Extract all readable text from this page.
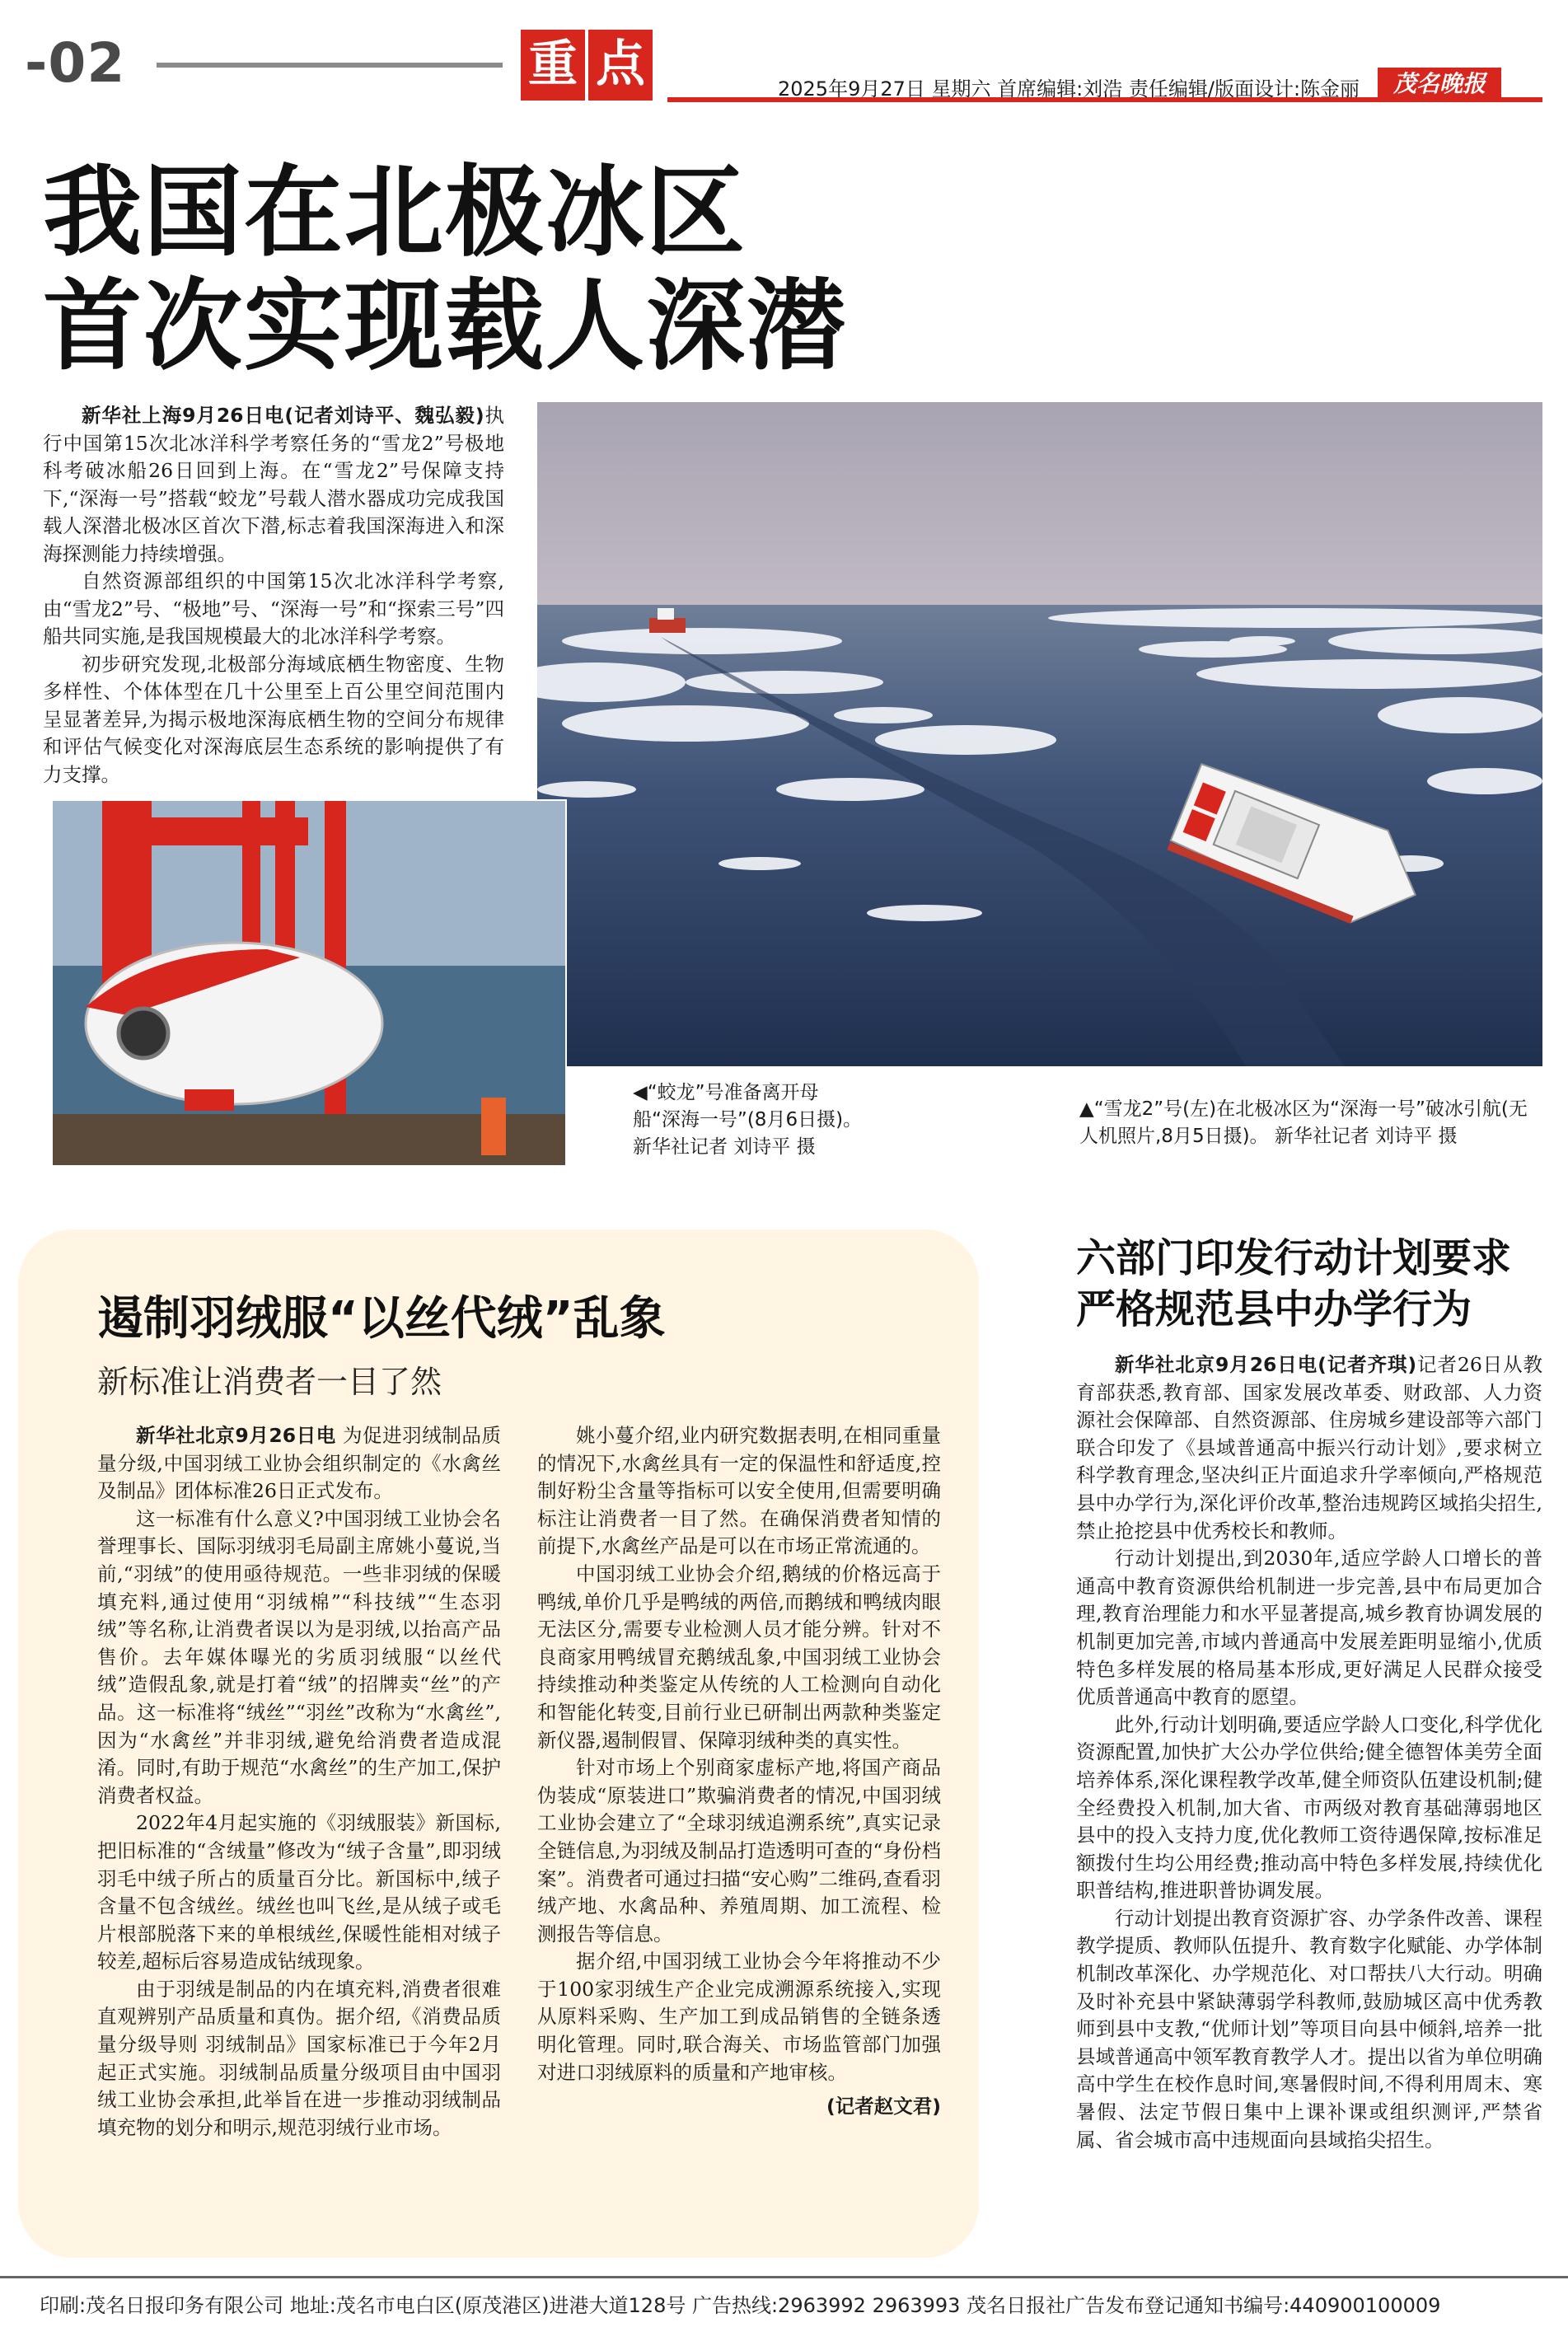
-02	重 点	2025年9月27日 星期六 首席编辑:刘浩 责任编辑/版面设计:陈金丽	茂名晚报
我国在北极冰区
首次实现载人深潜

新华社上海9月26日电(记者刘诗平、魏弘毅)执行中国第15次北冰洋科学考察任务的“雪龙2”号极地科考破冰船26日回到上海。在“雪龙2”号保障支持下,“深海一号”搭载“蛟龙”号载人潜水器成功完成我国载人深潜北极冰区首次下潜,标志着我国深海进入和深海探测能力持续增强。

自然资源部组织的中国第15次北冰洋科学考察,由“雪龙2”号、“极地”号、“深海一号”和“探索三号”四船共同实施,是我国规模最大的北冰洋科学考察。

初步研究发现,北极部分海域底栖生物密度、生物多样性、个体体型在几十公里至上百公里空间范围内呈显著差异,为揭示极地深海底栖生物的空间分布规律和评估气候变化对深海底层生态系统的影响提供了有力支撑。

◀“蛟龙”号准备离开母
船“深海一号”(8月6日摄)。
新华社记者 刘诗平 摄
▲“雪龙2”号(左)在北极冰区为“深海一号”破冰引航(无人机照片,8月5日摄)。 新华社记者 刘诗平 摄
遏制羽绒服“以丝代绒”乱象
新标准让消费者一目了然

新华社北京9月26日电 为促进羽绒制品质量分级,中国羽绒工业协会组织制定的《水禽丝及制品》团体标准26日正式发布。

这一标准有什么意义?中国羽绒工业协会名誉理事长、国际羽绒羽毛局副主席姚小蔓说,当前,“羽绒”的使用亟待规范。一些非羽绒的保暖填充料,通过使用“羽绒棉”“科技绒”“生态羽绒”等名称,让消费者误以为是羽绒,以抬高产品售价。去年媒体曝光的劣质羽绒服“以丝代绒”造假乱象,就是打着“绒”的招牌卖“丝”的产品。这一标准将“绒丝”“羽丝”改称为“水禽丝”,因为“水禽丝”并非羽绒,避免给消费者造成混淆。同时,有助于规范“水禽丝”的生产加工,保护消费者权益。

2022年4月起实施的《羽绒服装》新国标,把旧标准的“含绒量”修改为“绒子含量”,即羽绒羽毛中绒子所占的质量百分比。新国标中,绒子含量不包含绒丝。绒丝也叫飞丝,是从绒子或毛片根部脱落下来的单根绒丝,保暖性能相对绒子较差,超标后容易造成钻绒现象。

由于羽绒是制品的内在填充料,消费者很难直观辨别产品质量和真伪。据介绍,《消费品质量分级导则 羽绒制品》国家标准已于今年2月起正式实施。羽绒制品质量分级项目由中国羽绒工业协会承担,此举旨在进一步推动羽绒制品填充物的划分和明示,规范羽绒行业市场。

姚小蔓介绍,业内研究数据表明,在相同重量的情况下,水禽丝具有一定的保温性和舒适度,控制好粉尘含量等指标可以安全使用,但需要明确标注让消费者一目了然。在确保消费者知情的前提下,水禽丝产品是可以在市场正常流通的。

中国羽绒工业协会介绍,鹅绒的价格远高于鸭绒,单价几乎是鸭绒的两倍,而鹅绒和鸭绒肉眼无法区分,需要专业检测人员才能分辨。针对不良商家用鸭绒冒充鹅绒乱象,中国羽绒工业协会持续推动种类鉴定从传统的人工检测向自动化和智能化转变,目前行业已研制出两款种类鉴定新仪器,遏制假冒、保障羽绒种类的真实性。

针对市场上个别商家虚标产地,将国产商品伪装成“原装进口”欺骗消费者的情况,中国羽绒工业协会建立了“全球羽绒追溯系统”,真实记录全链信息,为羽绒及制品打造透明可查的“身份档案”。消费者可通过扫描“安心购”二维码,查看羽绒产地、水禽品种、养殖周期、加工流程、检测报告等信息。

据介绍,中国羽绒工业协会今年将推动不少于100家羽绒生产企业完成溯源系统接入,实现从原料采购、生产加工到成品销售的全链条透明化管理。同时,联合海关、市场监管部门加强对进口羽绒原料的质量和产地审核。

(记者赵文君)

六部门印发行动计划要求
严格规范县中办学行为

新华社北京9月26日电(记者齐琪)记者26日从教育部获悉,教育部、国家发展改革委、财政部、人力资源社会保障部、自然资源部、住房城乡建设部等六部门联合印发了《县域普通高中振兴行动计划》,要求树立科学教育理念,坚决纠正片面追求升学率倾向,严格规范县中办学行为,深化评价改革,整治违规跨区域掐尖招生,禁止抢挖县中优秀校长和教师。

行动计划提出,到2030年,适应学龄人口增长的普通高中教育资源供给机制进一步完善,县中布局更加合理,教育治理能力和水平显著提高,城乡教育协调发展的机制更加完善,市域内普通高中发展差距明显缩小,优质特色多样发展的格局基本形成,更好满足人民群众接受优质普通高中教育的愿望。

此外,行动计划明确,要适应学龄人口变化,科学优化资源配置,加快扩大公办学位供给;健全德智体美劳全面培养体系,深化课程教学改革,健全师资队伍建设机制;健全经费投入机制,加大省、市两级对教育基础薄弱地区县中的投入支持力度,优化教师工资待遇保障,按标准足额拨付生均公用经费;推动高中特色多样发展,持续优化职普结构,推进职普协调发展。

行动计划提出教育资源扩容、办学条件改善、课程教学提质、教师队伍提升、教育数字化赋能、办学体制机制改革深化、办学规范化、对口帮扶八大行动。明确及时补充县中紧缺薄弱学科教师,鼓励城区高中优秀教师到县中支教,“优师计划”等项目向县中倾斜,培养一批县域普通高中领军教育教学人才。提出以省为单位明确高中学生在校作息时间,寒暑假时间,不得利用周末、寒暑假、法定节假日集中上课补课或组织测评,严禁省属、省会城市高中违规面向县域掐尖招生。

印刷:茂名日报印务有限公司 地址:茂名市电白区(原茂港区)进港大道128号 广告热线:2963992 2963993 茂名日报社广告发布登记通知书编号:440900100009
